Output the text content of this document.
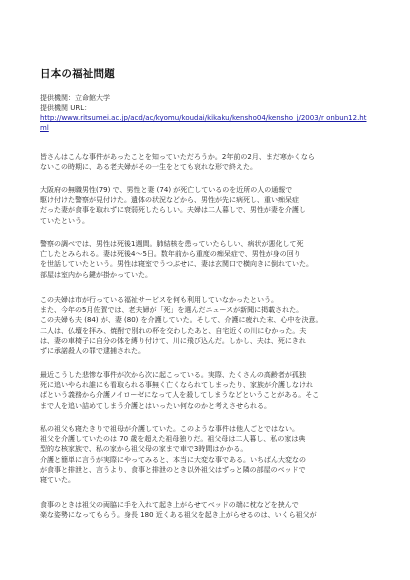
日本の福祉問題
提供機関：立命館大学
提供機関 URL：
http://www.ritsumei.ac.jp/acd/ac/kyomu/koudai/kikaku/kensho04/kensho_j/2003/r onbun12.html
皆さんはこんな事件があったことを知っていただろうか。2年前の2月、まだ寒かくなら
ないこの時期に、ある老夫婦がその一生をとても哀れな形で終えた。
大阪府の無職男性(79) で、男性と妻 (74) が死亡しているのを近所の人の通報で
駆け付けた警察が見付けた。遺体の状況などから、男性が先に病死し、重い痴呆症
だった妻が食事を取れずに衰弱死したらしい。夫婦は二人暮しで、男性が妻を介護し
ていたという。
警察の調べでは、男性は死後1週間。肺結核を患っていたらしい、病状が悪化して死
亡したとみられる。妻は死後4〜5日。数年前から重度の痴呆症で、男性が身の回り
を世話していたという。男性は寝室でうつぶせに、妻は玄関口で横向きに倒れていた。
部屋は室内から鍵が掛かっていた。
この夫婦は市が行っている福祉サービスを何も利用していなかったという。
また、今年の5月佐賀では、老夫婦が「死」を選んだニュースが新聞に掲載された。
この夫婦も夫 (84) が、妻 (80) を介護していた。そして、介護に疲れた末、心中を決意。
二人は、仏壇を拝み、焼酎で別れの杯を交わしたあと、自宅近くの川にむかった。夫
は、妻の車椅子に自分の体を縛り付けて、川に飛び込んだ。しかし、夫は、死にきれ
ずに承諾殺人の罪で逮捕された。
最近こうした悲惨な事件が次から次に起こっている。実際、たくさんの高齢者が孤独
死に追いやられ誰にも看取られる事無く亡くなられてしまったり、家族が介護しなけれ
ばという義務から介護ノイローゼになって人を殺してしまうなどということがある。そこ
まで人を追い詰めてしまう介護とはいったい何なのかと考えさせられる。
私の祖父も寝たきりで祖母が介護していた。このような事件は他人ごとではない。
祖父を介護していたのは 70 歳を超えた祖母独りだ。祖父母は二人暮し、私の家は典
型的な核家族で、私の家から祖父母の家まで車で3時間はかかる。
介護と簡単に言うが実際にやってみると、本当に大変な事である。いちばん大変なの
が食事と排泄と、言うより、食事と排泄のとき以外祖父はずっと隣の部屋のベッドで
寝ていた。
食事のときは祖父の両脇に手を入れて起き上がらせてベッドの端に枕などを挟んで
楽な姿勢になってもらう。身長 180 近くある祖父を起き上がらせるのは、いくら祖父が
